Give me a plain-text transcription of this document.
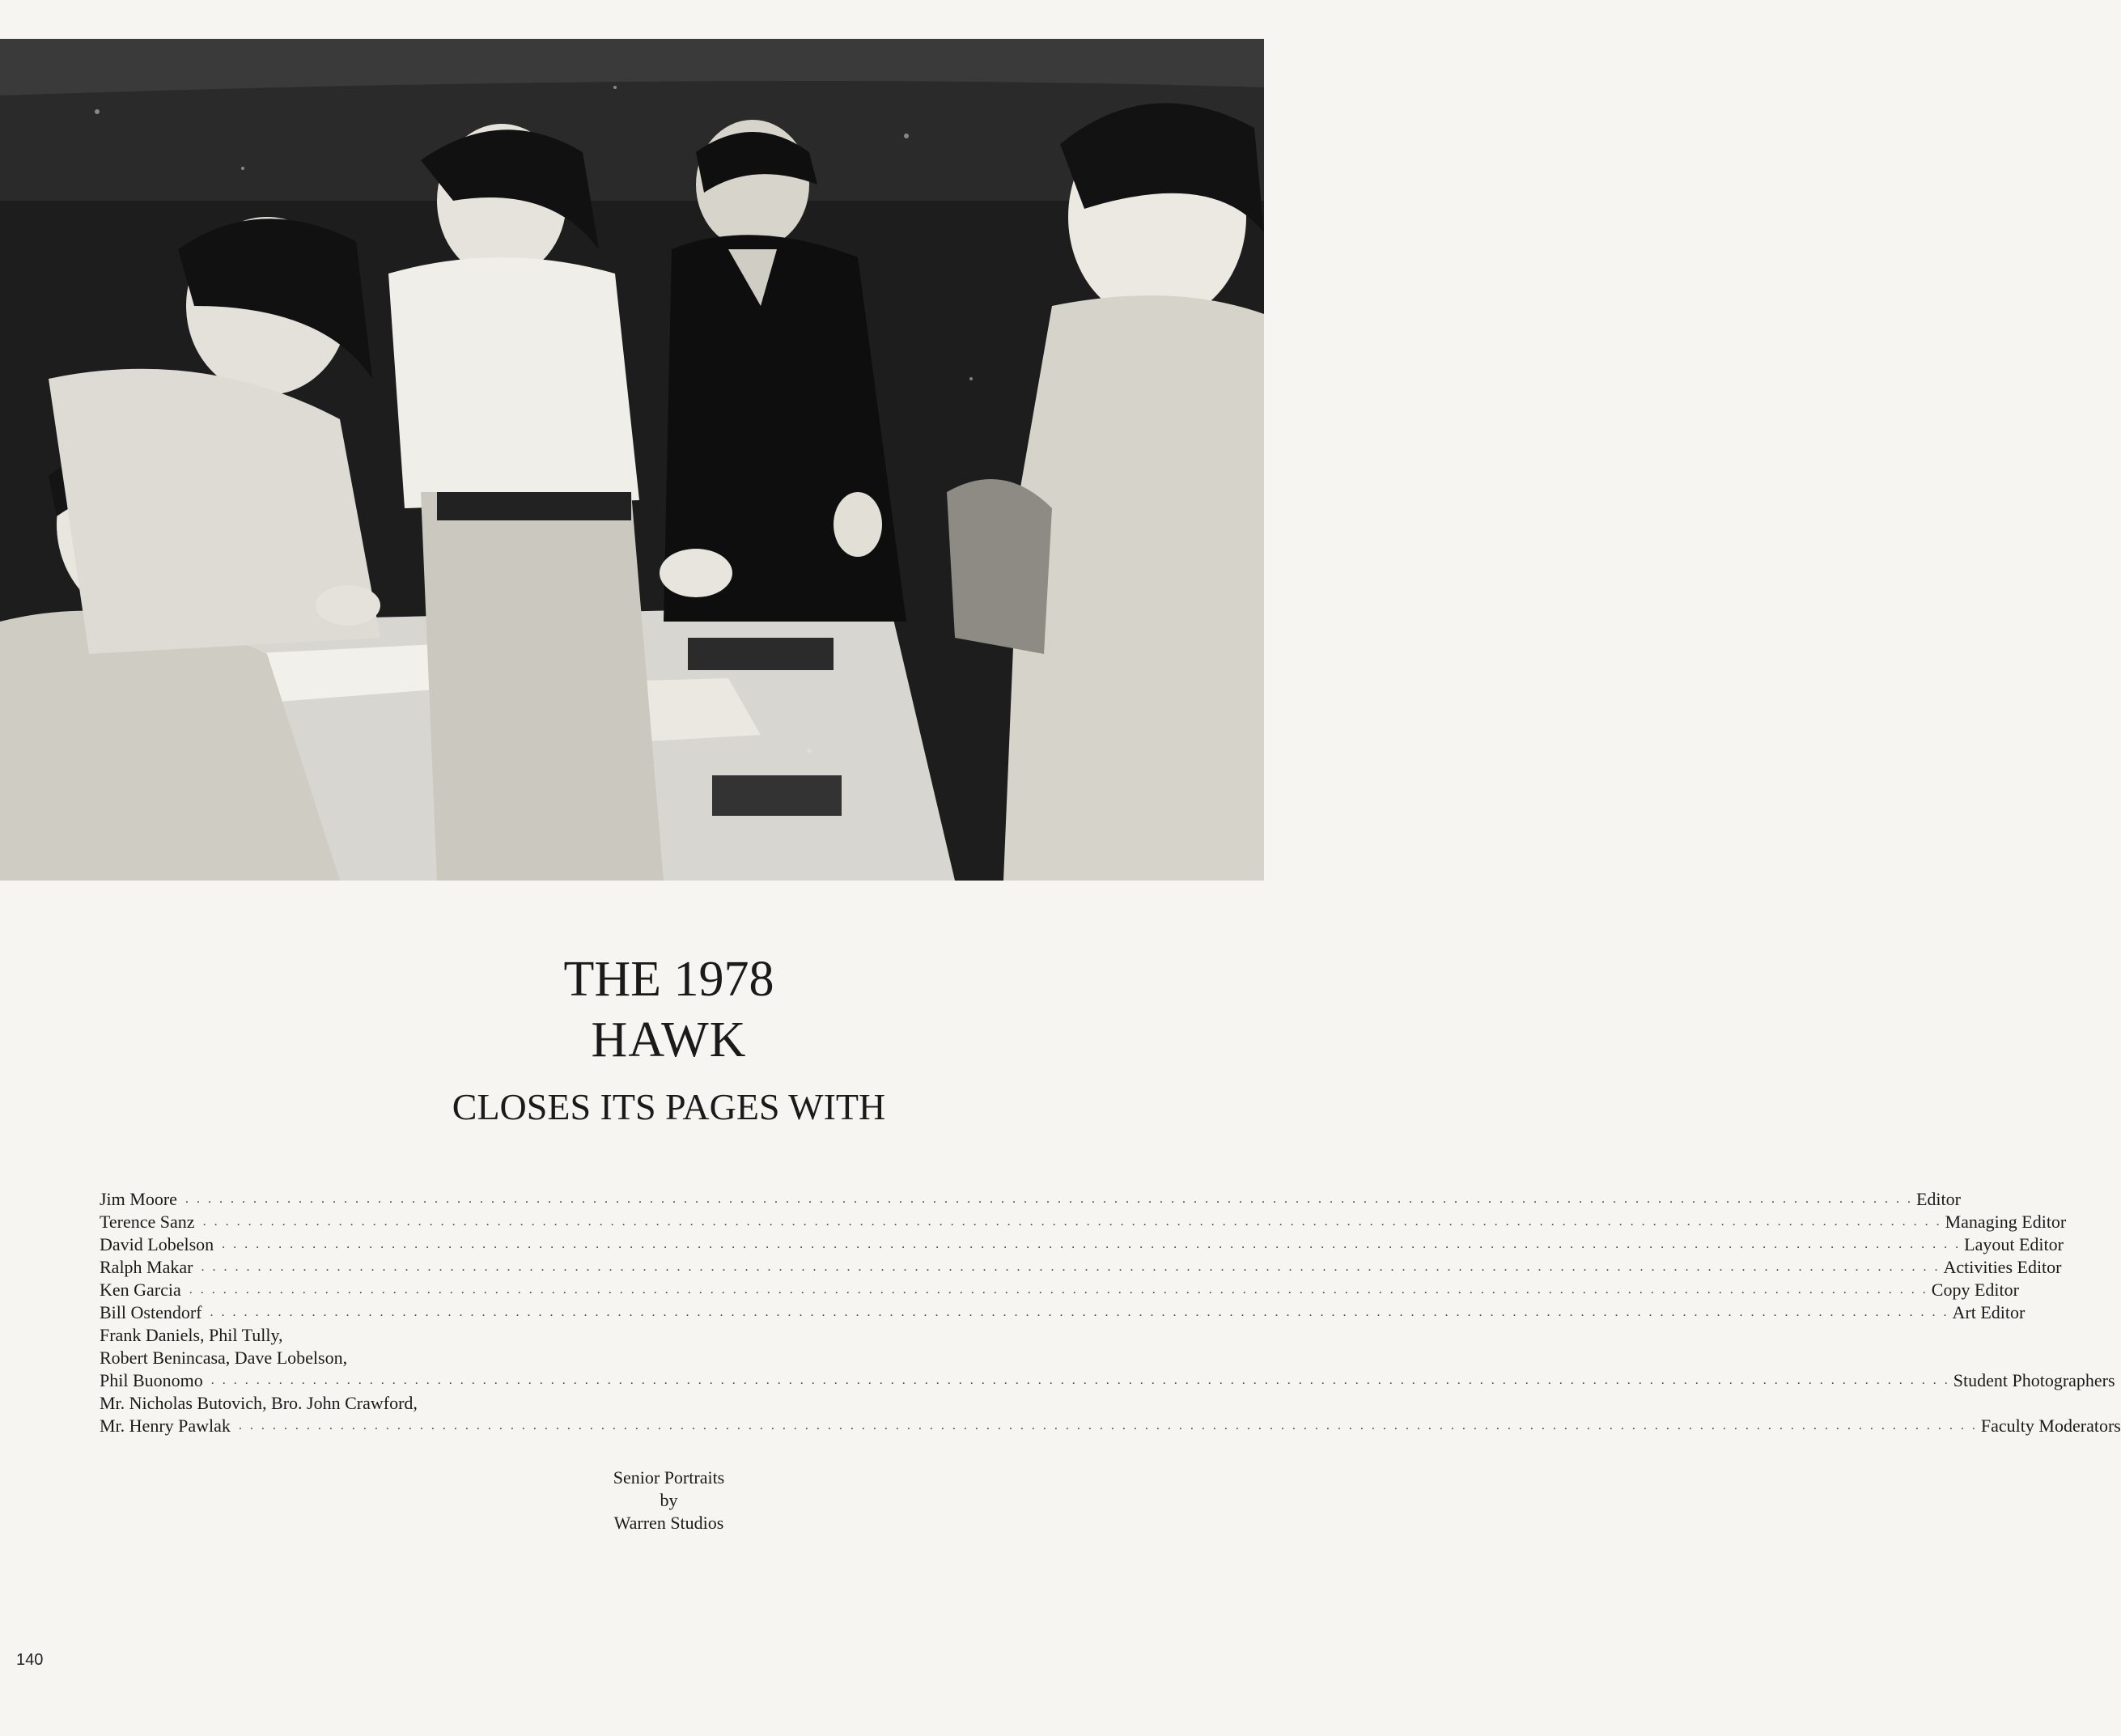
THE 1978
HAWK
CLOSES ITS PAGES WITH
Jim Moore . . . . . . . . . . . . . . . . . . . . . . . . . . . . . . . . . . . . . . . . . . . . . . . . . . . . . . . . . . . . . . . . . . . . . . . . . . . . . . . . . . . . . . . . . . . . . . . . . . . . . . . . . . . . . . . . . . . . . . . . . . . . . . . . . . . . . . . . . . . . . . . . . . . . . . . . . Editor
Terence Sanz . . . . . . . . . . . . . . . . . . . . . . . . . . . . . . . . . . . . . . . . . . . . . . . . . . . . . . . . . . . . . . . . . . . . . . . . . . . . . . . . . . . . . . . . . . . . . . . . . . . . . . . . . . . . . . . . . . . . . . . . . . . . . . . . . . . . . . . . . . . . . . . . . . . . . . . . . . Managing Editor
David Lobelson . . . . . . . . . . . . . . . . . . . . . . . . . . . . . . . . . . . . . . . . . . . . . . . . . . . . . . . . . . . . . . . . . . . . . . . . . . . . . . . . . . . . . . . . . . . . . . . . . . . . . . . . . . . . . . . . . . . . . . . . . . . . . . . . . . . . . . . . . . . . . . . . . . . . . . . . . . Layout Editor
Ralph Makar . . . . . . . . . . . . . . . . . . . . . . . . . . . . . . . . . . . . . . . . . . . . . . . . . . . . . . . . . . . . . . . . . . . . . . . . . . . . . . . . . . . . . . . . . . . . . . . . . . . . . . . . . . . . . . . . . . . . . . . . . . . . . . . . . . . . . . . . . . . . . . . . . . . . . . . . . . Activities Editor
Ken Garcia . . . . . . . . . . . . . . . . . . . . . . . . . . . . . . . . . . . . . . . . . . . . . . . . . . . . . . . . . . . . . . . . . . . . . . . . . . . . . . . . . . . . . . . . . . . . . . . . . . . . . . . . . . . . . . . . . . . . . . . . . . . . . . . . . . . . . . . . . . . . . . . . . . . . . . . . . . Copy Editor
Bill Ostendorf . . . . . . . . . . . . . . . . . . . . . . . . . . . . . . . . . . . . . . . . . . . . . . . . . . . . . . . . . . . . . . . . . . . . . . . . . . . . . . . . . . . . . . . . . . . . . . . . . . . . . . . . . . . . . . . . . . . . . . . . . . . . . . . . . . . . . . . . . . . . . . . . . . . . . . . . . . Art Editor
Frank Daniels, Phil Tully,
Robert Benincasa, Dave Lobelson,
Phil Buonomo . . . . . . . . . . . . . . . . . . . . . . . . . . . . . . . . . . . . . . . . . . . . . . . . . . . . . . . . . . . . . . . . . . . . . . . . . . . . . . . . . . . . . . . . . . . . . . . . . . . . . . . . . . . . . . . . . . . . . . . . . . . . . . . . . . . . . . . . . . . . . . . . . . . . . . . . . . Student Photographers
Mr. Nicholas Butovich, Bro. John Crawford,
Mr. Henry Pawlak . . . . . . . . . . . . . . . . . . . . . . . . . . . . . . . . . . . . . . . . . . . . . . . . . . . . . . . . . . . . . . . . . . . . . . . . . . . . . . . . . . . . . . . . . . . . . . . . . . . . . . . . . . . . . . . . . . . . . . . . . . . . . . . . . . . . . . . . . . . . . . . . . . . . . . . . . . Faculty Moderators
Senior Portraits
by
Warren Studios
140
